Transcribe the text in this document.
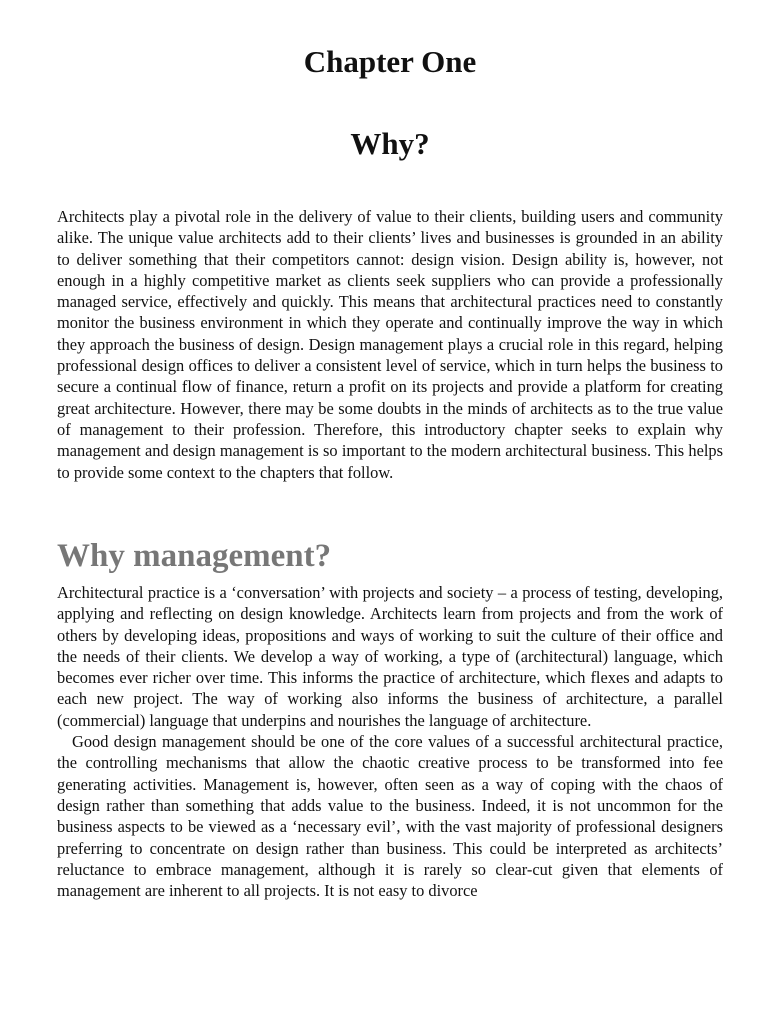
Chapter One
Why?

Architects play a pivotal role in the delivery of value to their clients, building users and community alike. The unique value architects add to their clients’ lives and businesses is grounded in an ability to deliver something that their competitors cannot: design vision. Design ability is, however, not enough in a highly competitive market as clients seek suppliers who can provide a professionally managed service, effectively and quickly. This means that architectural practices need to constantly monitor the business environment in which they operate and continually improve the way in which they approach the business of design. Design management plays a crucial role in this regard, helping professional design offices to deliver a consistent level of service, which in turn helps the business to secure a continual flow of finance, return a profit on its projects and provide a platform for creating great architecture. However, there may be some doubts in the minds of architects as to the true value of management to their profession. Therefore, this introductory chapter seeks to explain why management and design management is so important to the modern architectural business. This helps to provide some context to the chapters that follow.

Why management?

Architectural practice is a ‘conversation’ with projects and society – a process of testing, developing, applying and reflecting on design knowledge. Architects learn from projects and from the work of others by developing ideas, propositions and ways of working to suit the culture of their office and the needs of their clients. We develop a way of working, a type of (architectural) language, which becomes ever richer over time. This informs the practice of architecture, which flexes and adapts to each new project. The way of working also informs the business of architecture, a parallel (commercial) language that underpins and nourishes the language of architecture.

Good design management should be one of the core values of a successful architectural practice, the controlling mechanisms that allow the chaotic creative process to be transformed into fee generating activities. Management is, however, often seen as a way of coping with the chaos of design rather than something that adds value to the business. Indeed, it is not uncommon for the business aspects to be viewed as a ‘necessary evil’, with the vast majority of professional designers preferring to concentrate on design rather than business. This could be interpreted as architects’ reluctance to embrace management, although it is rarely so clear-cut given that elements of management are inherent to all projects. It is not easy to divorce
